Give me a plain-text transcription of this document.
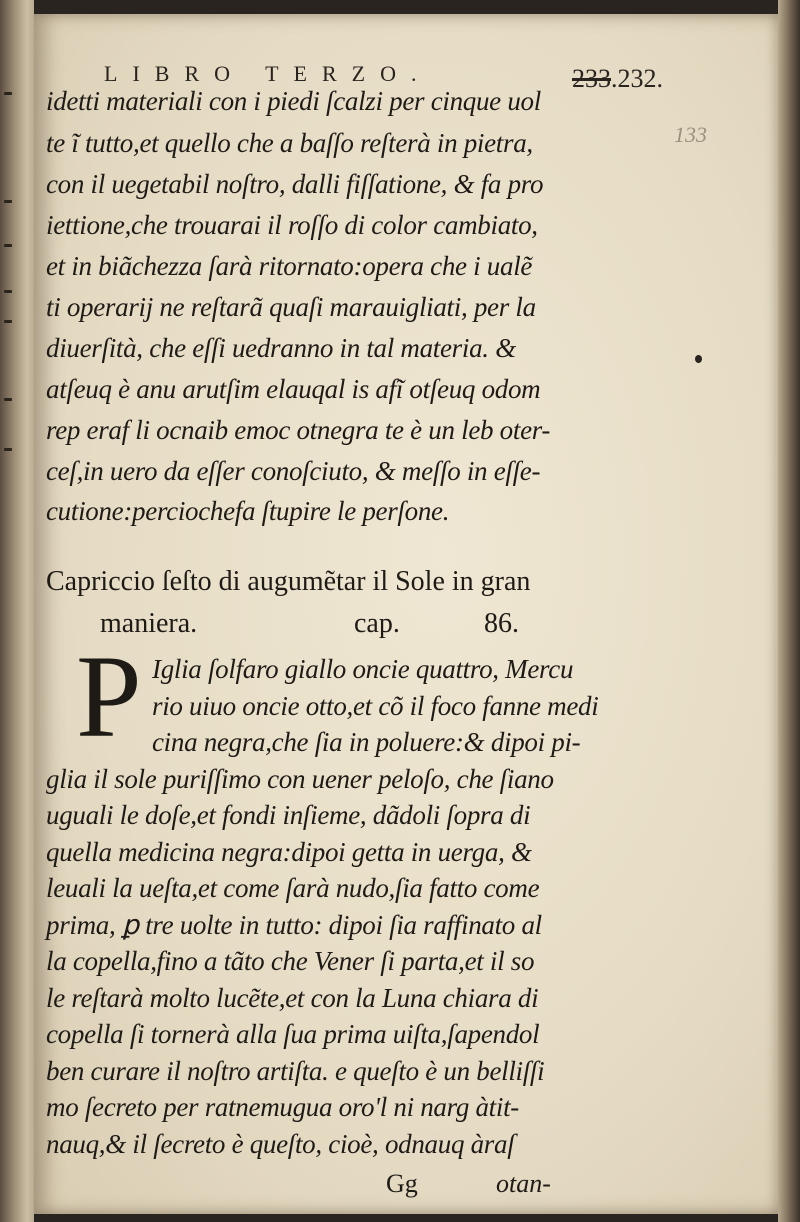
LIBRO TERZO.	233.232.
133
idetti materiali con i piedi ſcalzi per cinque uol
te ĩ tutto,et quello che a baſſo reſterà in pietra,
con il uegetabil noſtro, dalli fiſſatione, & fa pro
iettione,che trouarai il roſſo di color cambiato,
et in biãchezza ſarà ritornato:opera che i ualẽ
ti operarij ne reſtarã quaſi marauigliati, per la
diuerſità, che eſſi uedranno in tal materia. &
atſeuq è anu arutſim elauqal is afĩ otſeuq odom
rep eraf li ocnaib emoc otnegra te è un leb oter-
ceſ,in uero da eſſer conoſciuto, & meſſo in eſſe-
cutione:perciochefa ſtupire le perſone.
Capriccio ſeſto di augumẽtar il Sole in gran
maniera.	cap.	86.
P Iglia ſolfaro giallo oncie quattro, Mercu
rio uiuo oncie otto,et cõ il foco fanne medi
cina negra,che ſia in poluere:& dipoi pi-
glia il sole puriſſimo con uener peloſo, che ſiano
uguali le doſe,et fondi inſieme, dãdoli ſopra di
quella medicina negra:dipoi getta in uerga, &
leuali la ueſta,et come ſarà nudo,ſia fatto come
prima, ꝑ tre uolte in tutto: dipoi ſia raffinato al
la copella,fino a tãto che Vener ſi parta,et il so
le reſtarà molto lucẽte,et con la Luna chiara di
copella ſi tornerà alla ſua prima uiſta,ſapendol
ben curare il noſtro artiſta. e queſto è un belliſſi
mo ſecreto per ratnemugua oro'l ni narg àtit-
nauq,& il ſecreto è queſto, cioè, odnauq àraſ
Gg	otan-
